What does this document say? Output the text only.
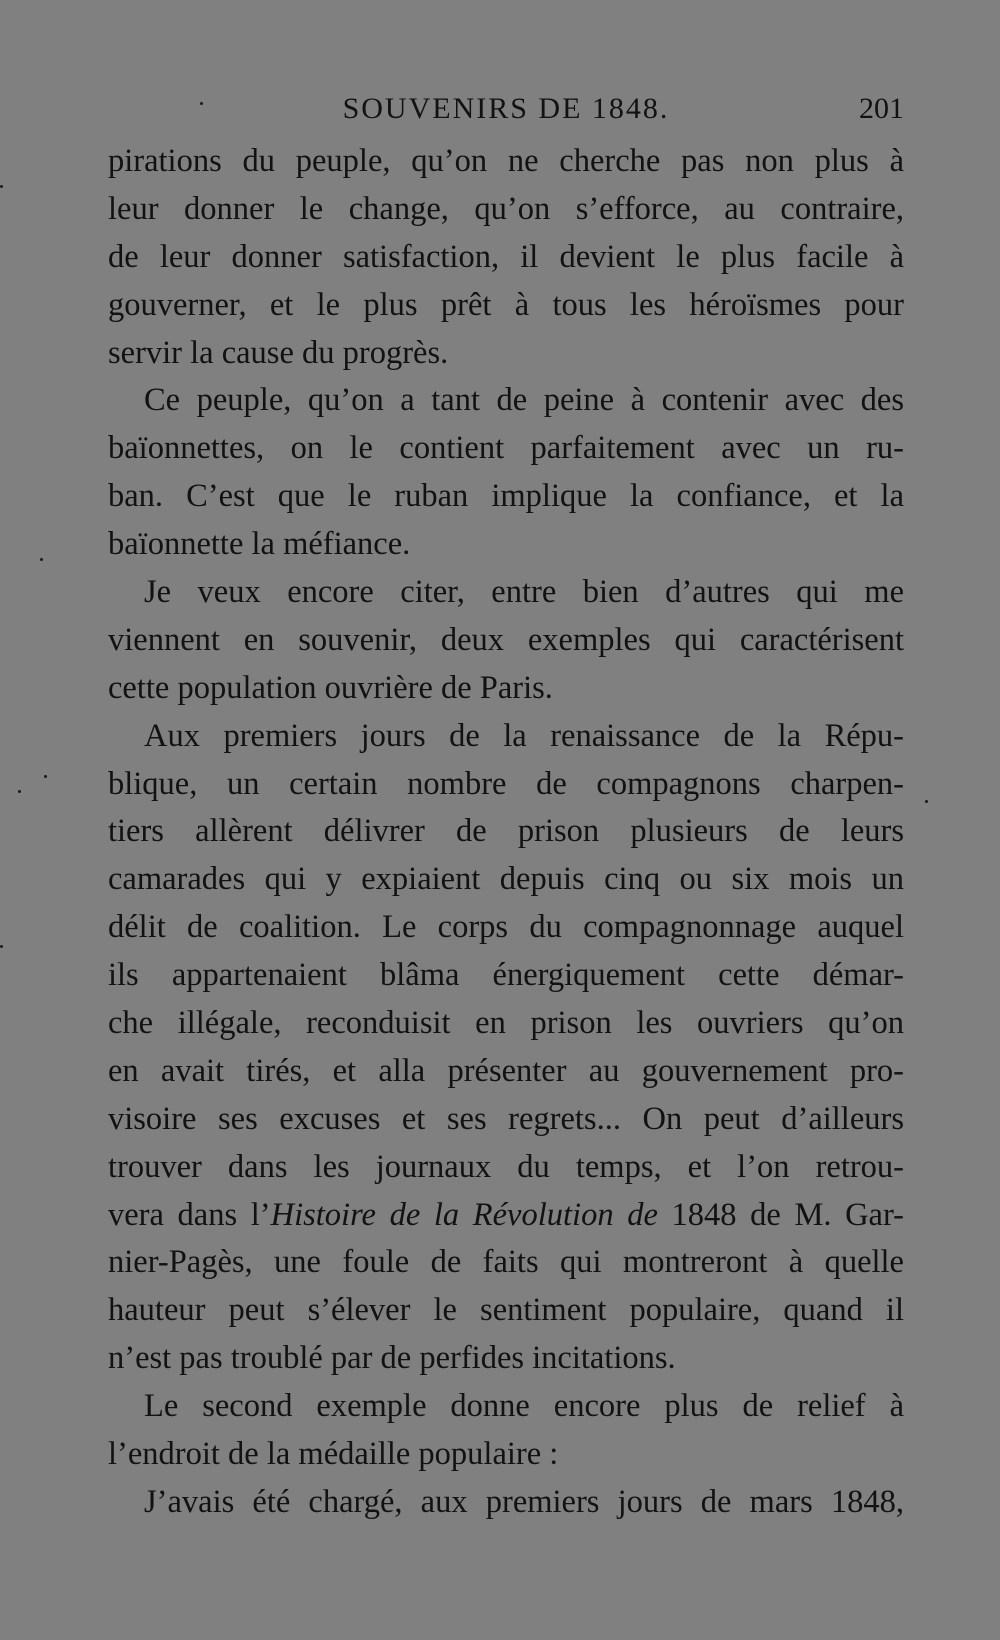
SOUVENIRS DE 1848.	201
pirations du peuple, qu’on ne cherche pas non plus à
leur donner le change, qu’on s’efforce, au contraire,
de leur donner satisfaction, il devient le plus facile à
gouverner, et le plus prêt à tous les héroïsmes pour
servir la cause du progrès.
Ce peuple, qu’on a tant de peine à contenir avec des
baïonnettes, on le contient parfaitement avec un ru-
ban. C’est que le ruban implique la confiance, et la
baïonnette la méfiance.
Je veux encore citer, entre bien d’autres qui me
viennent en souvenir, deux exemples qui caractérisent
cette population ouvrière de Paris.
Aux premiers jours de la renaissance de la Répu-
blique, un certain nombre de compagnons charpen-
tiers allèrent délivrer de prison plusieurs de leurs
camarades qui y expiaient depuis cinq ou six mois un
délit de coalition. Le corps du compagnonnage auquel
ils appartenaient blâma énergiquement cette démar-
che illégale, reconduisit en prison les ouvriers qu’on
en avait tirés, et alla présenter au gouvernement pro-
visoire ses excuses et ses regrets... On peut d’ailleurs
trouver dans les journaux du temps, et l’on retrou-
vera dans l’Histoire de la Révolution de 1848 de M. Gar-
nier-Pagès, une foule de faits qui montreront à quelle
hauteur peut s’élever le sentiment populaire, quand il
n’est pas troublé par de perfides incitations.
Le second exemple donne encore plus de relief à
l’endroit de la médaille populaire :
J’avais été chargé, aux premiers jours de mars 1848,
